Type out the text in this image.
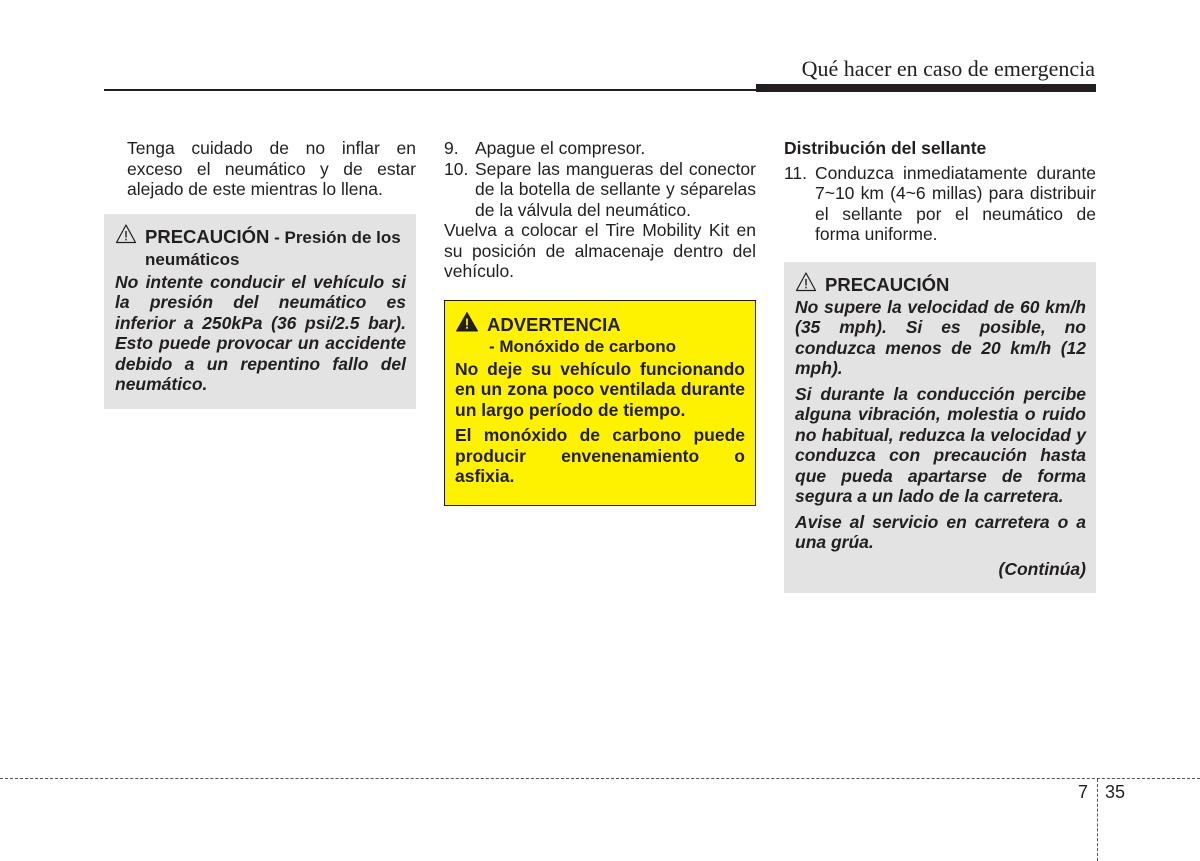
Qué hacer en caso de emergencia

Tenga cuidado de no inflar en exceso el neumático y de estar alejado de este mientras lo llena.

PRECAUCIÓN - Presión de los neumáticos

No intente conducir el vehículo si la presión del neumático es inferior a 250kPa (36 psi/2.5 bar). Esto puede provocar un accidente debido a un repentino fallo del neumático.

9. Apague el compresor.
10. Separe las mangueras del conector de la botella de sellante y séparelas de la válvula del neumático.

Vuelva a colocar el Tire Mobility Kit en su posición de almacenaje dentro del vehículo.

ADVERTENCIA
- Monóxido de carbono

No deje su vehículo funcionando en un zona poco ventilada durante un largo período de tiempo.

El monóxido de carbono puede producir envenenamiento o asfixia.

Distribución del sellante

11. Conduzca inmediatamente durante 7~10 km (4~6 millas) para distribuir el sellante por el neumático de forma uniforme.
PRECAUCIÓN

No supere la velocidad de 60 km/h (35 mph). Si es posible, no conduzca menos de 20 km/h (12 mph).

Si durante la conducción percibe alguna vibración, molestia o ruido no habitual, reduzca la velocidad y conduzca con precaución hasta que pueda apartarse de forma segura a un lado de la carretera.

Avise al servicio en carretera o a una grúa.

(Continúa)
7 35
